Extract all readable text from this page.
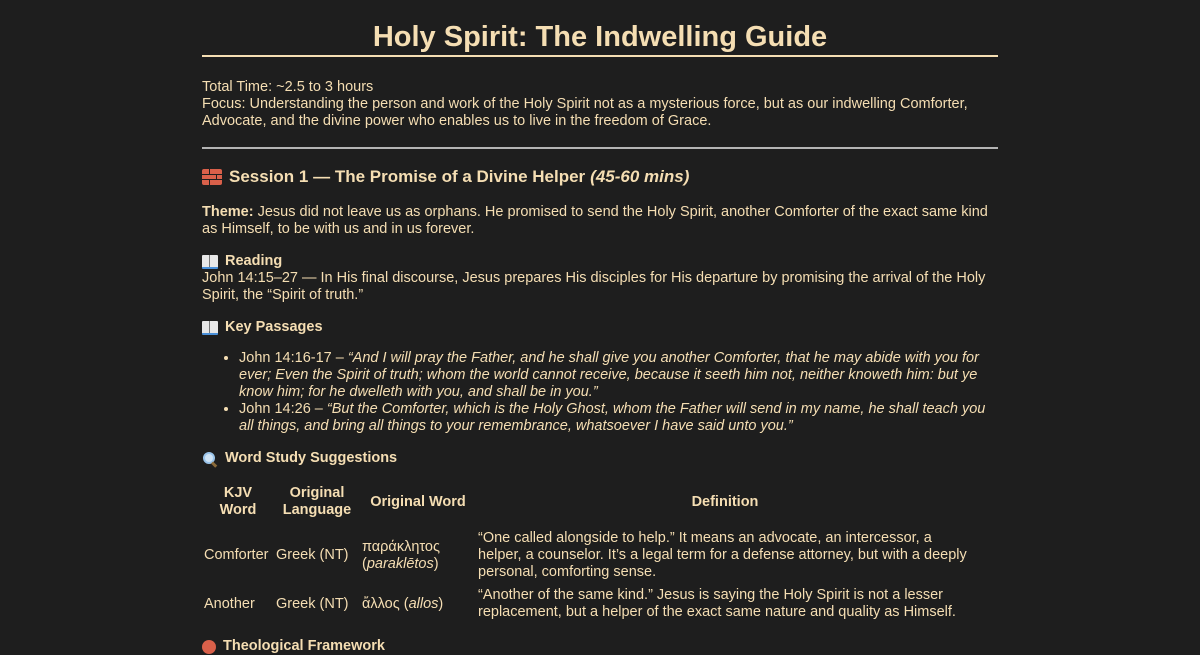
Holy Spirit: The Indwelling Guide
Total Time: ~2.5 to 3 hours
Focus: Understanding the person and work of the Holy Spirit not as a mysterious force, but as our indwelling Comforter, Advocate, and the divine power who enables us to live in the freedom of Grace.
Session 1 — The Promise of a Divine Helper (45-60 mins)

Theme: Jesus did not leave us as orphans. He promised to send the Holy Spirit, another Comforter of the exact same kind as Himself, to be with us and in us forever.

Reading

John 14:15–27 — In His final discourse, Jesus prepares His disciples for His departure by promising the arrival of the Holy Spirit, the “Spirit of truth.”

Key Passages
• John 14:16-17 – “And I will pray the Father, and he shall give you another Comforter, that he may abide with you for ever; Even the Spirit of truth; whom the world cannot receive, because it seeth him not, neither knoweth him: but ye know him; for he dwelleth with you, and shall be in you.”
• John 14:26 – “But the Comforter, which is the Holy Ghost, whom the Father will send in my name, he shall teach you all things, and bring all things to your remembrance, whatsoever I have said unto you.”
Word Study Suggestions
KJV Word	Original Language	Original Word	Definition
Comforter	Greek (NT)	παράκλητος (paraklētos)	“One called alongside to help.” It means an advocate, an intercessor, a helper, a counselor. It’s a legal term for a defense attorney, but with a deeply personal, comforting sense.
Another	Greek (NT)	ἄλλος (allos)	“Another of the same kind.” Jesus is saying the Holy Spirit is not a lesser replacement, but a helper of the exact same nature and quality as Himself.
Theological Framework
